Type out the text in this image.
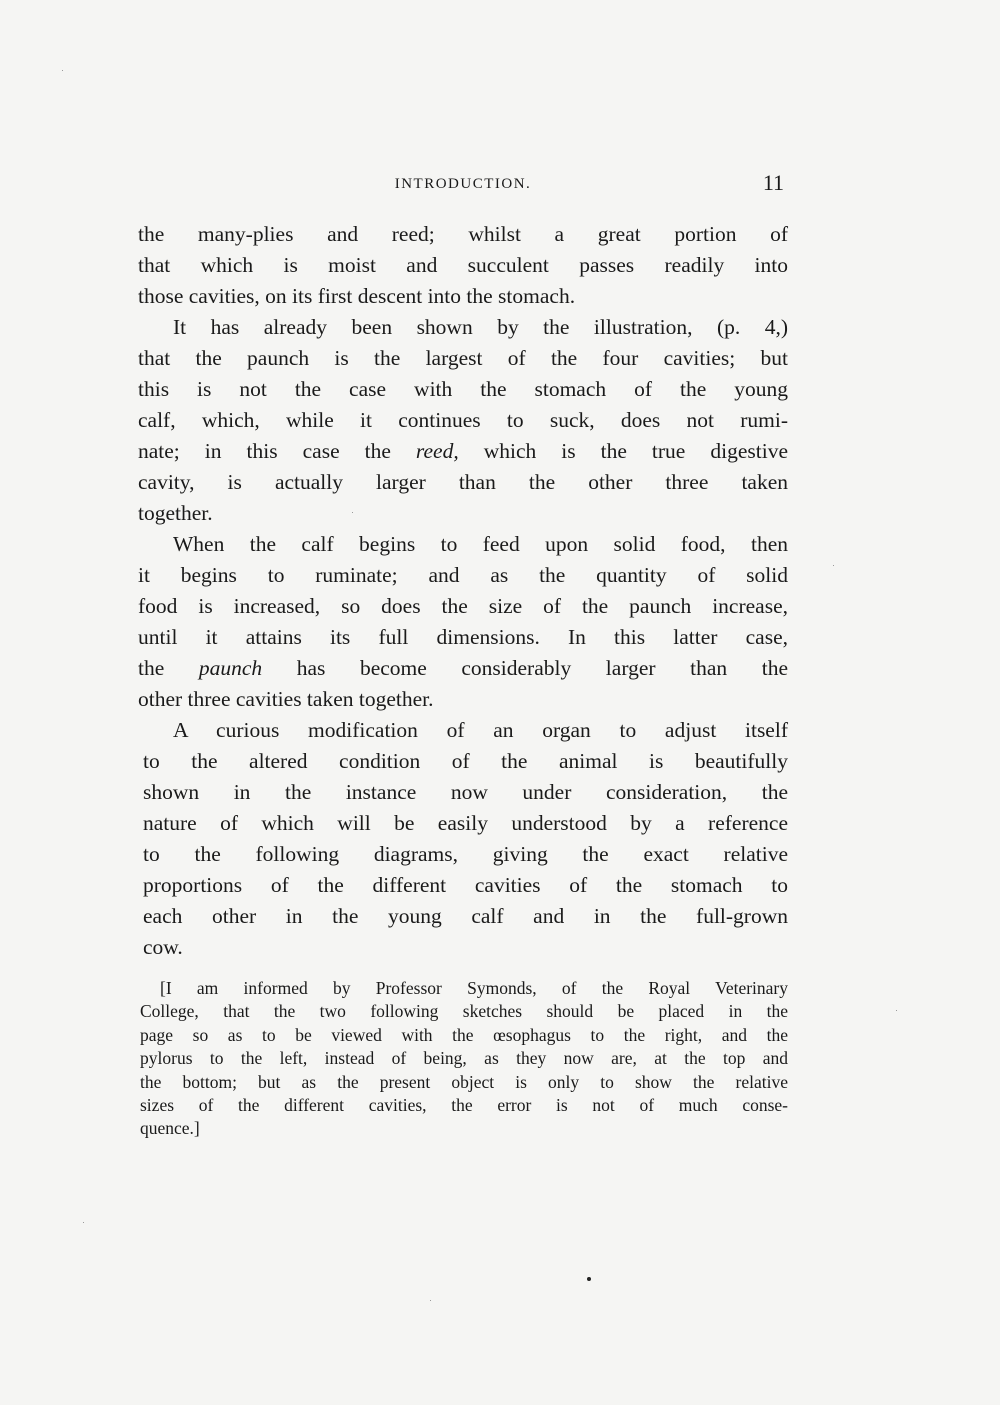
INTRODUCTION.	11
the many-plies and reed; whilst a great portion of
that which is moist and succulent passes readily into
those cavities, on its first descent into the stomach.
It has already been shown by the illustration, (p. 4,)
that the paunch is the largest of the four cavities; but
this is not the case with the stomach of the young
calf, which, while it continues to suck, does not rumi-
nate; in this case the reed, which is the true digestive
cavity, is actually larger than the other three taken
together.
When the calf begins to feed upon solid food, then
it begins to ruminate; and as the quantity of solid
food is increased, so does the size of the paunch increase,
until it attains its full dimensions. In this latter case,
the paunch has become considerably larger than the
other three cavities taken together.
A curious modification of an organ to adjust itself
to the altered condition of the animal is beautifully
shown in the instance now under consideration, the
nature of which will be easily understood by a reference
to the following diagrams, giving the exact relative
proportions of the different cavities of the stomach to
each other in the young calf and in the full-grown
cow.
[I am informed by Professor Symonds, of the Royal Veterinary
College, that the two following sketches should be placed in the
page so as to be viewed with the œsophagus to the right, and the
pylorus to the left, instead of being, as they now are, at the top and
the bottom; but as the present object is only to show the relative
sizes of the different cavities, the error is not of much conse-
quence.]
